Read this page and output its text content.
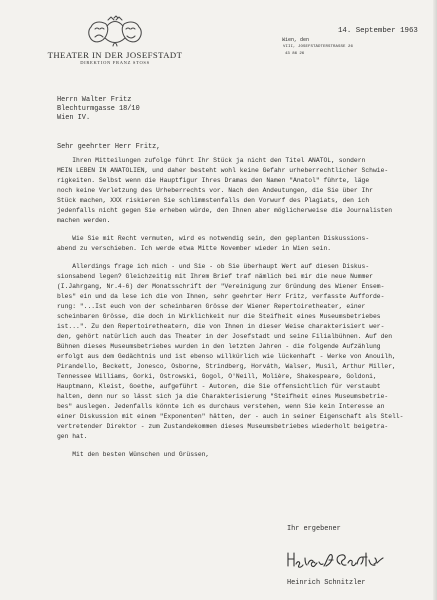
THEATER IN DER JOSEFSTADT
DIREKTION FRANZ STOSS
14. September 1963
Wien, den
VIII, JOSEFSTÄDTERSTRASSE 26
43 86 26
Herrn Walter Fritz
Blechturmgasse 18/10
Wien IV.
Sehr geehrter Herr Fritz,
Ihren Mitteilungen zufolge führt Ihr Stück ja nicht den Titel ANATOL, sondern
MEIN LEBEN IN ANATOLIEN, und daher besteht wohl keine Gefahr urheberrechtlicher Schwie-
rigkeiten. Selbst wenn die Hauptfigur Ihres Dramas den Namen "Anatol" führte, läge
noch keine Verletzung des Urheberrechts vor. Nach den Andeutungen, die Sie über Ihr
Stück machen, XXX riskieren Sie schlimmstenfalls den Vorwurf des Plagiats, den ich
jedenfalls nicht gegen Sie erheben würde, den Ihnen aber möglicherweise die Journalisten
machen werden.
Wie Sie mit Recht vermuten, wird es notwendig sein, den geplanten Diskussions-
abend zu verschieben. Ich werde etwa Mitte November wieder in Wien sein.
Allerdings frage ich mich - und Sie - ob Sie überhaupt Wert auf diesen Diskus-
sionsabend legen? Gleichzeitig mit Ihrem Brief traf nämlich bei mir die neue Nummer
(I.Jahrgang, Nr.4-6) der Monatsschrift der "Vereinigung zur Gründung des Wiener Ensem-
bles" ein und da lese ich die von Ihnen, sehr geehrter Herr Fritz, verfasste Aufforde-
rung: "...Ist euch von der scheinbaren Grösse der Wiener Repertoiretheater, einer
scheinbaren Grösse, die doch in Wirklichkeit nur die Steifheit eines Museumsbetriebes
ist...". Zu den Repertoiretheatern, die von Ihnen in dieser Weise charakterisiert wer-
den, gehört natürlich auch das Theater in der Josefstadt und seine Filialbühnen. Auf den
Bühnen dieses Museumsbetriebes wurden in den letzten Jahren - die folgende Aufzählung
erfolgt aus dem Gedächtnis und ist ebenso willkürlich wie lückenhaft - Werke von Anouilh,
Pirandello, Beckett, Jonesco, Osborne, Strindberg, Horváth, Walser, Musil, Arthur Miller,
Tennessee Williams, Gorki, Ostrowski, Gogol, O'Neill, Molière, Shakespeare, Goldoni,
Hauptmann, Kleist, Goethe, aufgeführt - Autoren, die Sie offensichtlich für verstaubt
halten, denn nur so lässt sich ja die Charakterisierung "Steifheit eines Museumsbetrie-
bes" auslegen. Jedenfalls könnte ich es durchaus verstehen, wenn Sie kein Interesse an
einer Diskussion mit einem "Exponenten" hätten, der - auch in seiner Eigenschaft als Stell-
vertretender Direktor - zum Zustandekommen dieses Museumsbetriebes wiederholt beigetra-
gen hat.
Mit den besten Wünschen und Grüssen,
Ihr ergebener
Heinrich Schnitzler
